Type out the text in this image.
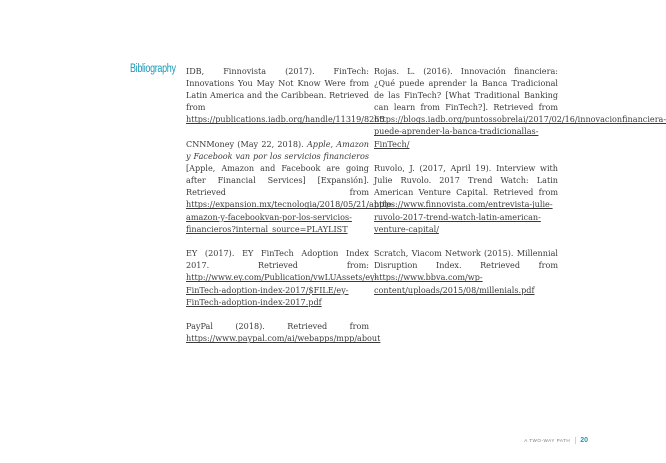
Bibliography IDB, Finnovista (2017). FinTech: Innovations You May Not Know Were from Latin America and the Caribbean. Retrieved from https://publications.iadb.org/handle/11319/8265

CNNMoney (May 22, 2018). Apple, Amazon y Facebook van por los servicios financieros [Apple, Amazon and Facebook are going after Financial Services] [Expansión]. Retrieved from https://expansion.mx/tecnologia/2018/05/21/apple-amazon-y-facebookvan-por-los-servicios-financieros?internal_source=PLAYLIST

EY (2017). EY FinTech Adoption Index 2017. Retrieved from: http://www.ey.com/Publication/vwLUAssets/ey-FinTech-adoption-index-2017/$FILE/ey-FinTech-adoption-index-2017.pdf

PayPal (2018). Retrieved from https://www.paypal.com/ai/webapps/mpp/about

Rojas. L. (2016). Innovación financiera: ¿Qué puede aprender la Banca Tradicional de las FinTech? [What Traditional Banking can learn from FinTech?]. Retrieved from https://blogs.iadb.org/puntossobrelai/2017/02/16/innovacionfinanciera-puede-aprender-la-banca-tradicionallas-FinTech/

Ruvolo, J. (2017, April 19). Interview with Julie Ruvolo. 2017 Trend Watch: Latin American Venture Capital. Retrieved from https://www.finnovista.com/entrevista-julie-ruvolo-2017-trend-watch-latin-american-venture-capital/

Scratch, Viacom Network (2015). Millennial Disruption Index. Retrieved from https://www.bbva.com/wp-content/uploads/2015/08/millenials.pdf

A TWO-WAY PATH	20
